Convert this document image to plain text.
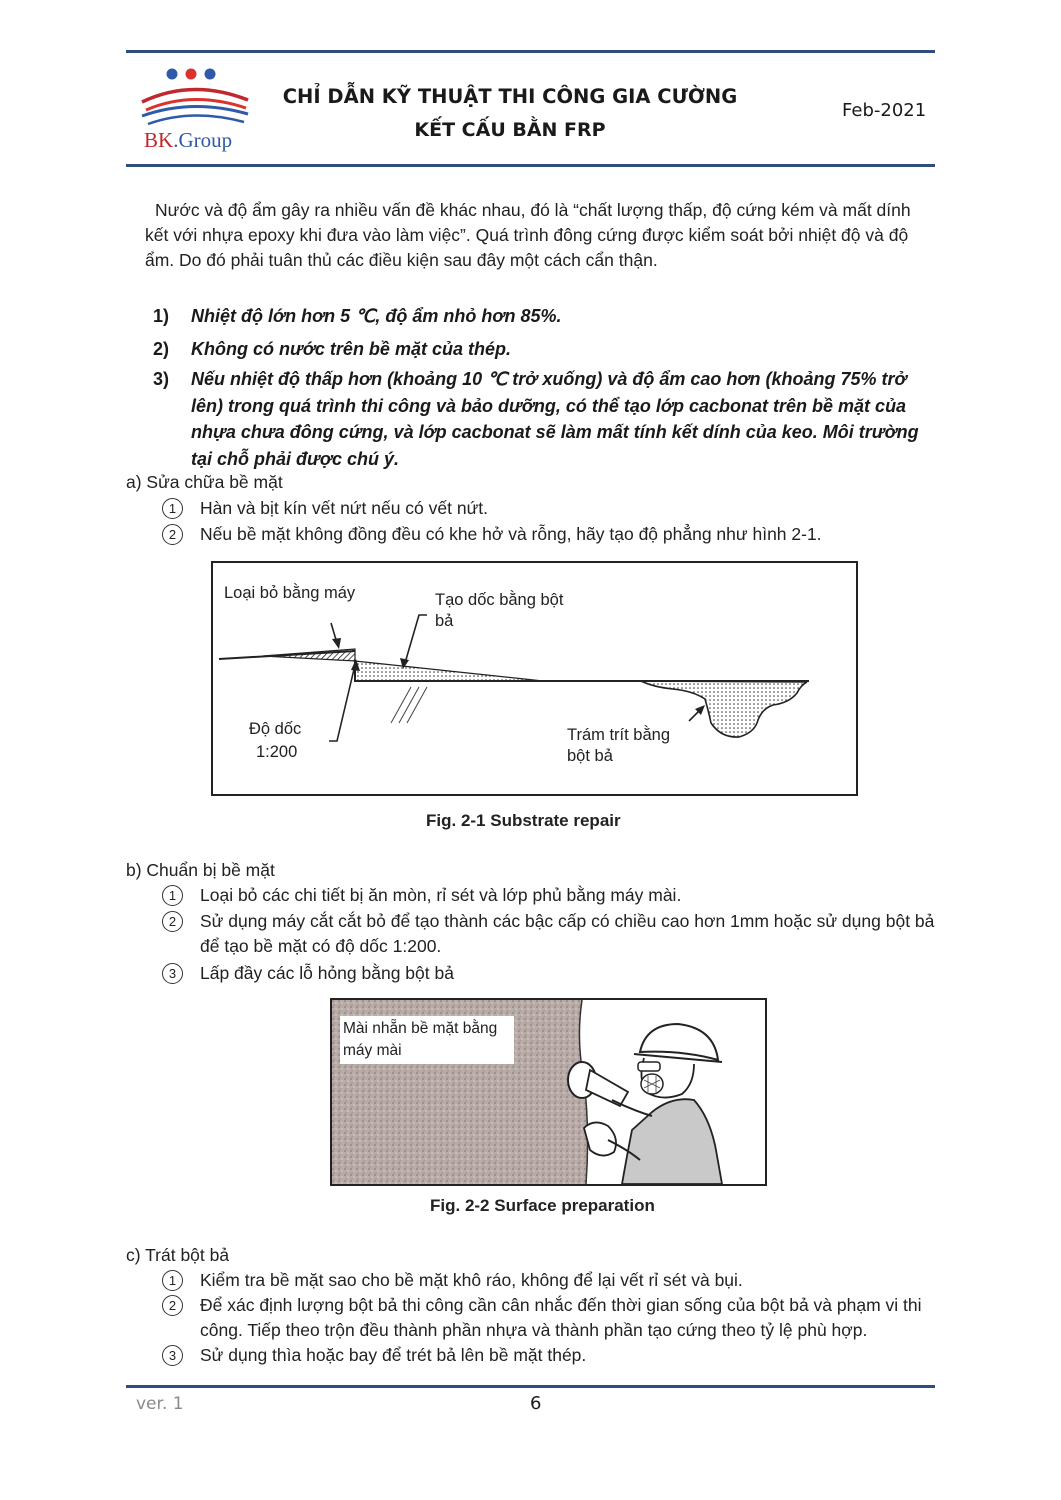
BK.Group
CHỈ DẪN KỸ THUẬT THI CÔNG GIA CƯỜNG
KẾT CẤU BẰN FRP
Feb-2021
Nước và độ ẩm gây ra nhiều vấn đề khác nhau, đó là “chất lượng thấp, độ cứng kém và mất dính kết với nhựa epoxy khi đưa vào làm việc”. Quá trình đông cứng được kiểm soát bởi nhiệt độ và độ ẩm. Do đó phải tuân thủ các điều kiện sau đây một cách cẩn thận.
1) Nhiệt độ lớn hơn 5 ℃, độ ẩm nhỏ hơn 85%.
2) Không có nước trên bề mặt của thép.
3) Nếu nhiệt độ thấp hơn (khoảng 10 ℃ trở xuống) và độ ẩm cao hơn (khoảng 75% trở lên) trong quá trình thi công và bảo dưỡng, có thể tạo lớp cacbonat trên bề mặt của nhựa chưa đông cứng, và lớp cacbonat sẽ làm mất tính kết dính của keo. Môi trường tại chỗ phải được chú ý.
a) Sửa chữa bề mặt
1	Hàn và bịt kín vết nứt nếu có vết nứt.
2	Nếu bề mặt không đồng đều có khe hở và rỗng, hãy tạo độ phẳng như hình 2-1.
Loại bỏ bằng máy	Tạo dốc bằng bột bả
Độ dốc
1:200
Trám trít bằng bột bả
Fig. 2-1 Substrate repair
b) Chuẩn bị bề mặt
1	Loại bỏ các chi tiết bị ăn mòn, rỉ sét và lớp phủ bằng máy mài.
2	Sử dụng máy cắt cắt bỏ để tạo thành các bậc cấp có chiều cao hơn 1mm hoặc sử dụng bột bả để tạo bề mặt có độ dốc 1:200.
3	Lấp đầy các lỗ hỏng bằng bột bả
Mài nhẵn bề mặt bằng máy mài
Fig. 2-2 Surface preparation
c) Trát bột bả
1	Kiểm tra bề mặt sao cho bề mặt khô ráo, không để lại vết rỉ sét và bụi.
2	Để xác định lượng bột bả thi công cần cân nhắc đến thời gian sống của bột bả và phạm vi thi công. Tiếp theo trộn đều thành phần nhựa và thành phần tạo cứng theo tỷ lệ phù hợp.
3	Sử dụng thìa hoặc bay để trét bả lên bề mặt thép.
ver. 1	6
